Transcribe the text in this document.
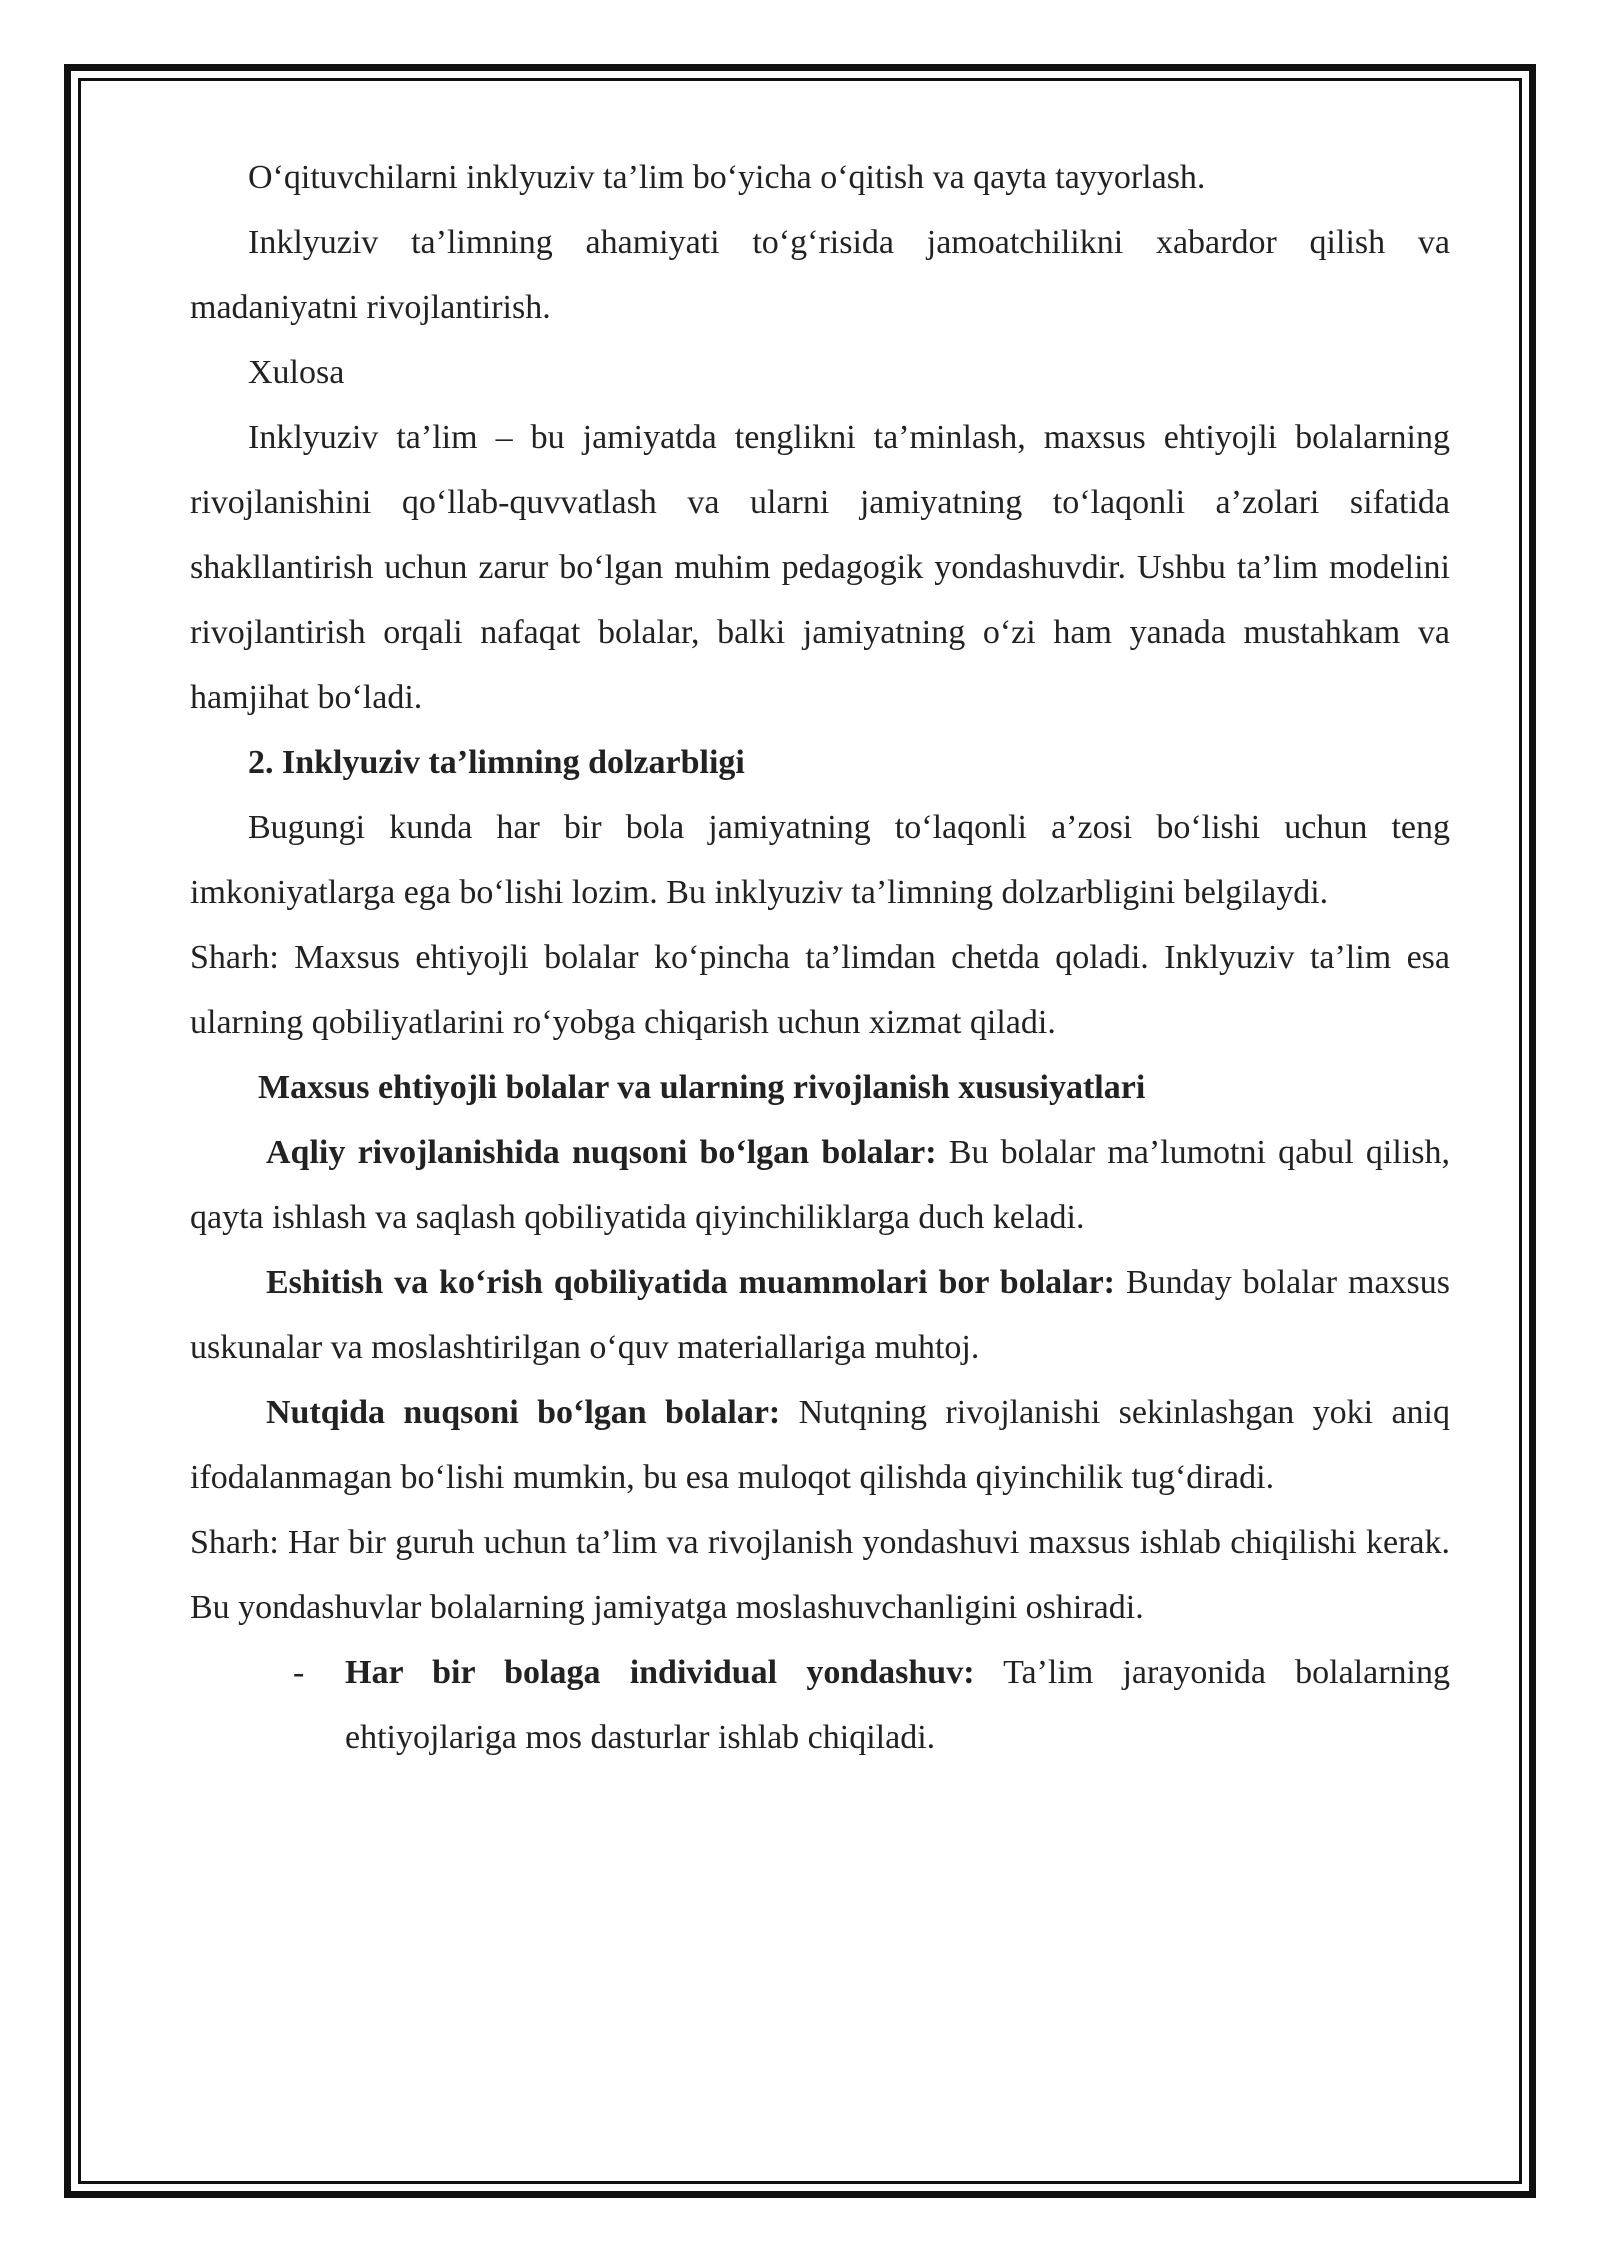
O‘qituvchilarni inklyuziv ta’lim bo‘yicha o‘qitish va qayta tayyorlash.

Inklyuziv ta’limning ahamiyati to‘g‘risida jamoatchilikni xabardor qilish va madaniyatni rivojlantirish.

Xulosa

Inklyuziv ta’lim – bu jamiyatda tenglikni ta’minlash, maxsus ehtiyojli bolalarning rivojlanishini qo‘llab-quvvatlash va ularni jamiyatning to‘laqonli a’zolari sifatida shakllantirish uchun zarur bo‘lgan muhim pedagogik yondashuvdir. Ushbu ta’lim modelini rivojlantirish orqali nafaqat bolalar, balki jamiyatning o‘zi ham yanada mustahkam va hamjihat bo‘ladi.

2. Inklyuziv ta’limning dolzarbligi

Bugungi kunda har bir bola jamiyatning to‘laqonli a’zosi bo‘lishi uchun teng imkoniyatlarga ega bo‘lishi lozim. Bu inklyuziv ta’limning dolzarbligini belgilaydi.

Sharh: Maxsus ehtiyojli bolalar ko‘pincha ta’limdan chetda qoladi. Inklyuziv ta’lim esa ularning qobiliyatlarini ro‘yobga chiqarish uchun xizmat qiladi.

Maxsus ehtiyojli bolalar va ularning rivojlanish xususiyatlari

Aqliy rivojlanishida nuqsoni bo‘lgan bolalar: Bu bolalar ma’lumotni qabul qilish, qayta ishlash va saqlash qobiliyatida qiyinchiliklarga duch keladi.

Eshitish va ko‘rish qobiliyatida muammolari bor bolalar: Bunday bolalar maxsus uskunalar va moslashtirilgan o‘quv materiallariga muhtoj.

Nutqida nuqsoni bo‘lgan bolalar: Nutqning rivojlanishi sekinlashgan yoki aniq ifodalanmagan bo‘lishi mumkin, bu esa muloqot qilishda qiyinchilik tug‘diradi.

Sharh: Har bir guruh uchun ta’lim va rivojlanish yondashuvi maxsus ishlab chiqilishi kerak. Bu yondashuvlar bolalarning jamiyatga moslashuvchanligini oshiradi.

- Har bir bolaga individual yondashuv: Ta’lim jarayonida bolalarning ehtiyojlariga mos dasturlar ishlab chiqiladi.
